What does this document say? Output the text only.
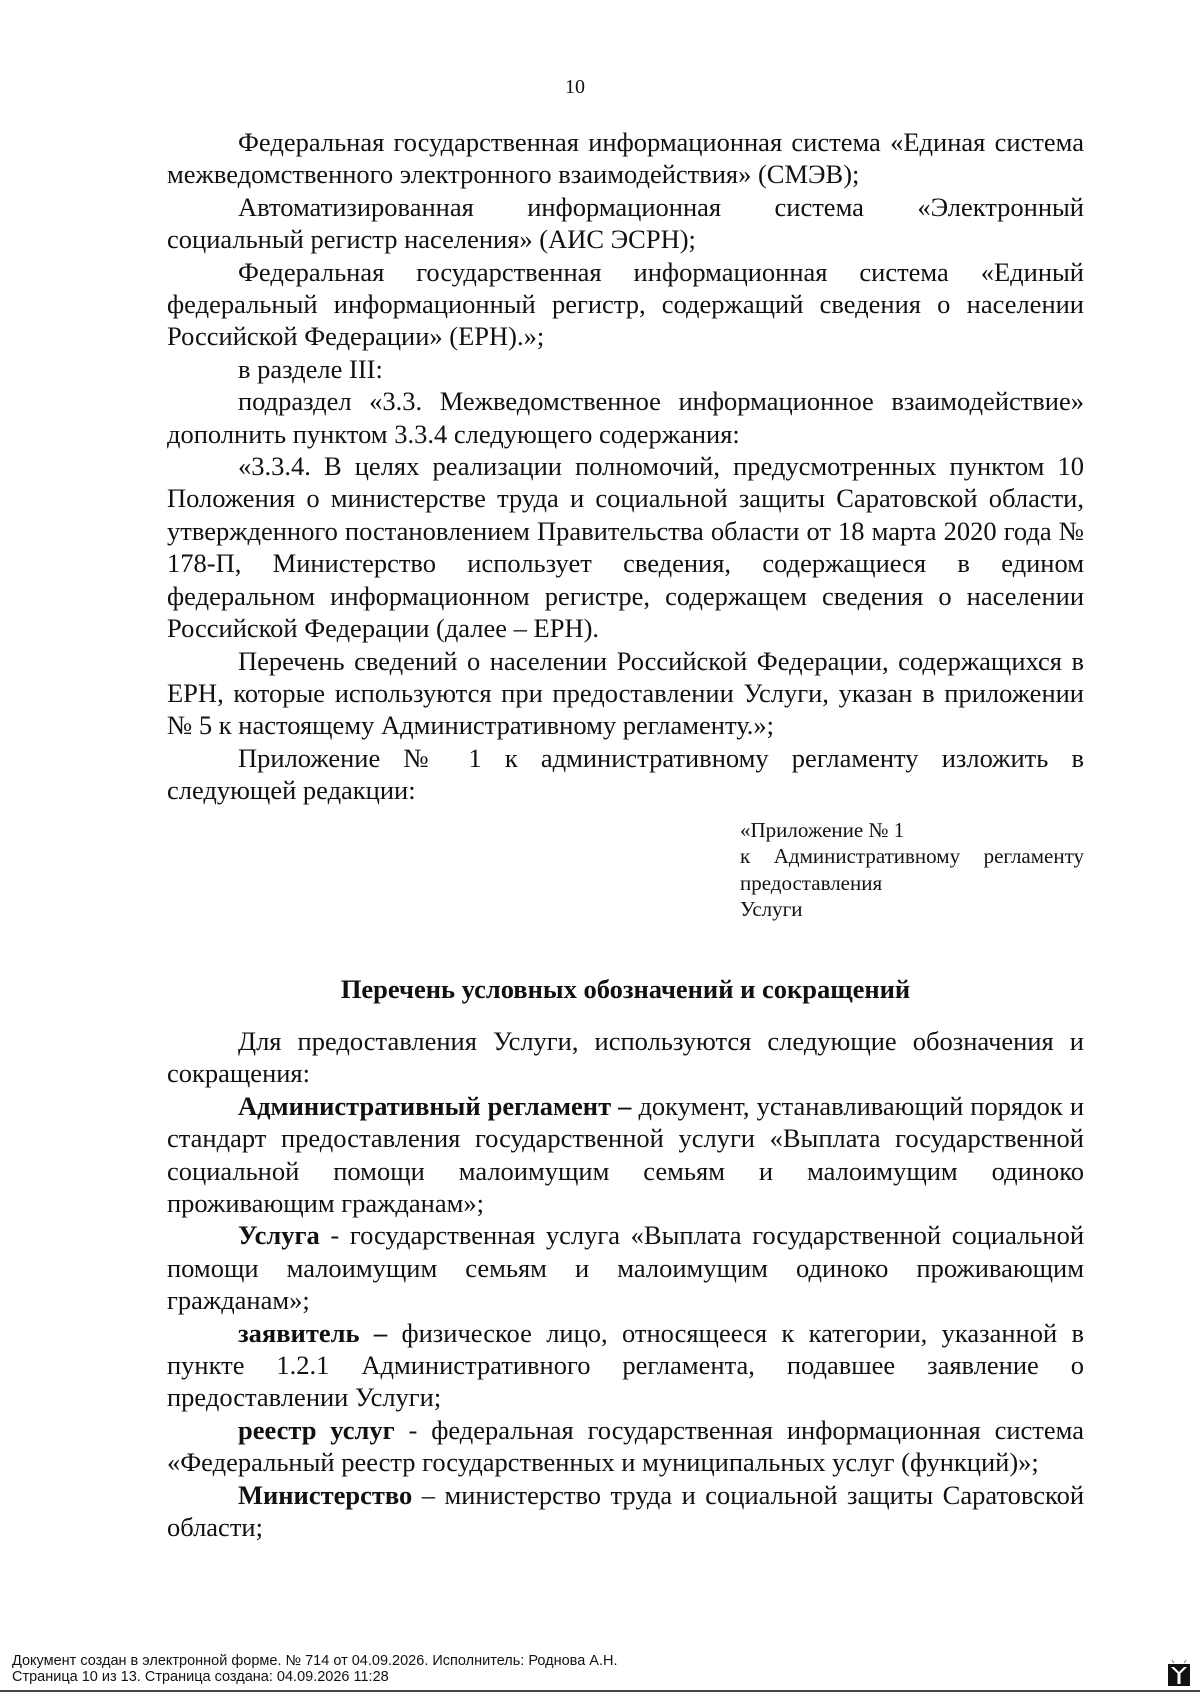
10

Федеральная государственная информационная система «Единая система межведомственного электронного взаимодействия» (СМЭВ);

Автоматизированная информационная система «Электронный социальный регистр населения» (АИС ЭСРН);

Федеральная государственная информационная система «Единый федеральный информационный регистр, содержащий сведения о населении Российской Федерации» (ЕРН).»;

в разделе III:

подраздел «3.3. Межведомственное информационное взаимодействие» дополнить пунктом 3.3.4 следующего содержания:

«3.3.4. В целях реализации полномочий, предусмотренных пунктом 10 Положения о министерстве труда и социальной защиты Саратовской области, утвержденного постановлением Правительства области от 18 марта 2020 года № 178-П, Министерство использует сведения, содержащиеся в едином федеральном информационном регистре, содержащем сведения о населении Российской Федерации (далее – ЕРН).

Перечень сведений о населении Российской Федерации, содержащихся в ЕРН, которые используются при предоставлении Услуги, указан в приложении № 5 к настоящему Административному регламенту.»;

Приложение № 1 к административному регламенту изложить в следующей редакции:

«Приложение № 1
к Административному регламенту предоставления
Услуги
Перечень условных обозначений и сокращений

Для предоставления Услуги, используются следующие обозначения и сокращения:

Административный регламент – документ, устанавливающий порядок и стандарт предоставления государственной услуги «Выплата государственной социальной помощи малоимущим семьям и малоимущим одиноко проживающим гражданам»;

Услуга - государственная услуга «Выплата государственной социальной помощи малоимущим семьям и малоимущим одиноко проживающим гражданам»;

заявитель – физическое лицо, относящееся к категории, указанной в пункте 1.2.1 Административного регламента, подавшее заявление о предоставлении Услуги;

реестр услуг - федеральная государственная информационная система «Федеральный реестр государственных и муниципальных услуг (функций)»;

Министерство – министерство труда и социальной защиты Саратовской области;

Документ создан в электронной форме. № 714 от 04.09.2026. Исполнитель: Роднова А.Н.
Страница 10 из 13. Страница создана: 04.09.2026 11:28
